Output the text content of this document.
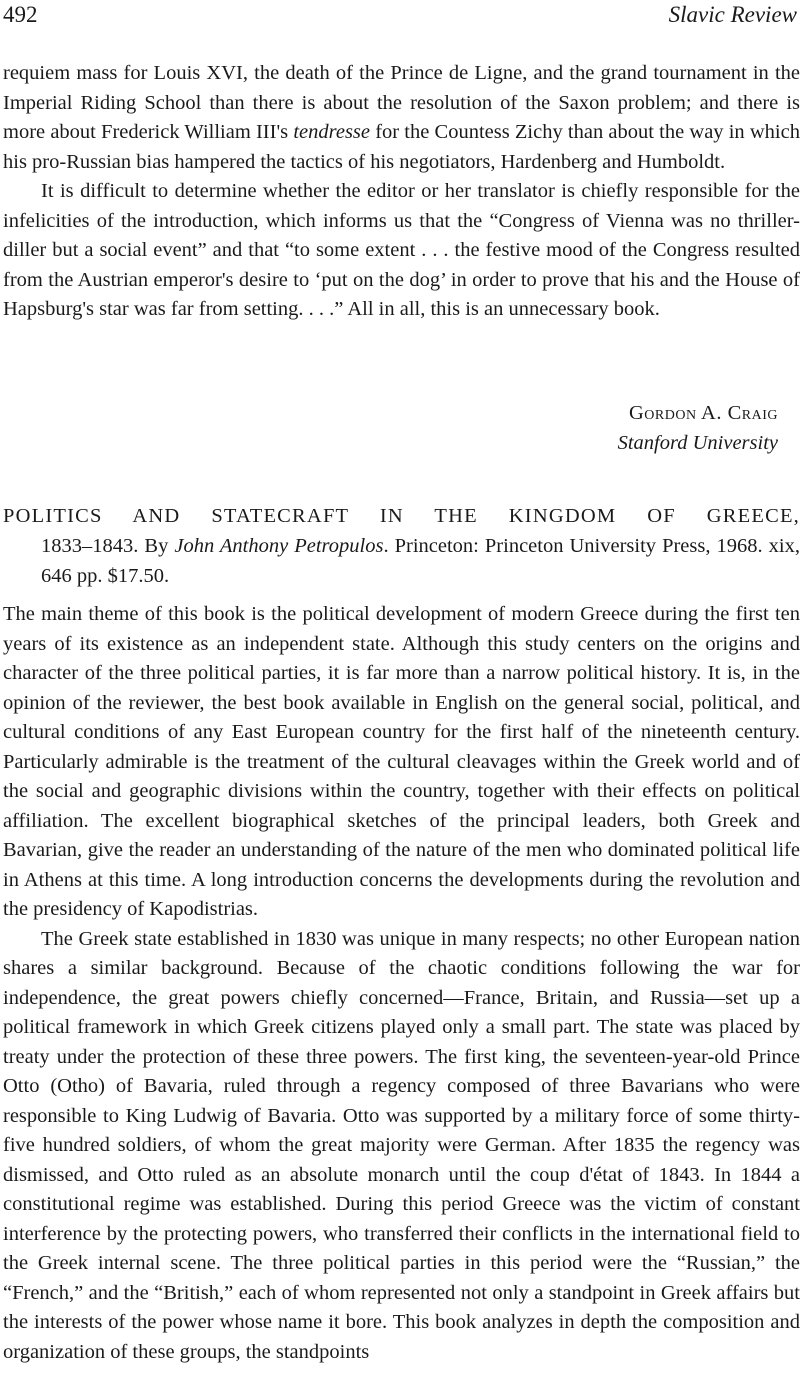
492	Slavic Review

requiem mass for Louis XVI, the death of the Prince de Ligne, and the grand tournament in the Imperial Riding School than there is about the resolution of the Saxon problem; and there is more about Frederick William III's tendresse for the Countess Zichy than about the way in which his pro-Russian bias hampered the tactics of his negotiators, Hardenberg and Humboldt.

It is difficult to determine whether the editor or her translator is chiefly responsible for the infelicities of the introduction, which informs us that the “Congress of Vienna was no thriller-diller but a social event” and that “to some extent . . . the festive mood of the Congress resulted from the Austrian emperor's desire to ‘put on the dog’ in order to prove that his and the House of Hapsburg's star was far from setting. . . .” All in all, this is an unnecessary book.

Gordon A. Craig
Stanford University
POLITICS AND STATECRAFT IN THE KINGDOM OF GREECE,
1833–1843. By John Anthony Petropulos. Princeton: Princeton University Press, 1968. xix, 646 pp. $17.50.

The main theme of this book is the political development of modern Greece during the first ten years of its existence as an independent state. Although this study centers on the origins and character of the three political parties, it is far more than a narrow political history. It is, in the opinion of the reviewer, the best book available in English on the general social, political, and cultural conditions of any East European country for the first half of the nineteenth century. Particularly admirable is the treatment of the cultural cleavages within the Greek world and of the social and geographic divisions within the country, together with their effects on political affiliation. The excellent biographical sketches of the principal leaders, both Greek and Bavarian, give the reader an understanding of the nature of the men who dominated political life in Athens at this time. A long introduction concerns the developments during the revolution and the presidency of Kapodistrias.

The Greek state established in 1830 was unique in many respects; no other European nation shares a similar background. Because of the chaotic conditions following the war for independence, the great powers chiefly concerned—France, Britain, and Russia—set up a political framework in which Greek citizens played only a small part. The state was placed by treaty under the protection of these three powers. The first king, the seventeen-year-old Prince Otto (Otho) of Bavaria, ruled through a regency composed of three Bavarians who were responsible to King Ludwig of Bavaria. Otto was supported by a military force of some thirty-five hundred soldiers, of whom the great majority were German. After 1835 the regency was dismissed, and Otto ruled as an absolute monarch until the coup d'état of 1843. In 1844 a constitutional regime was established. During this period Greece was the victim of constant interference by the protecting powers, who transferred their conflicts in the international field to the Greek internal scene. The three political parties in this period were the “Russian,” the “French,” and the “British,” each of whom represented not only a standpoint in Greek affairs but the interests of the power whose name it bore. This book analyzes in depth the composition and organization of these groups, the standpoints
